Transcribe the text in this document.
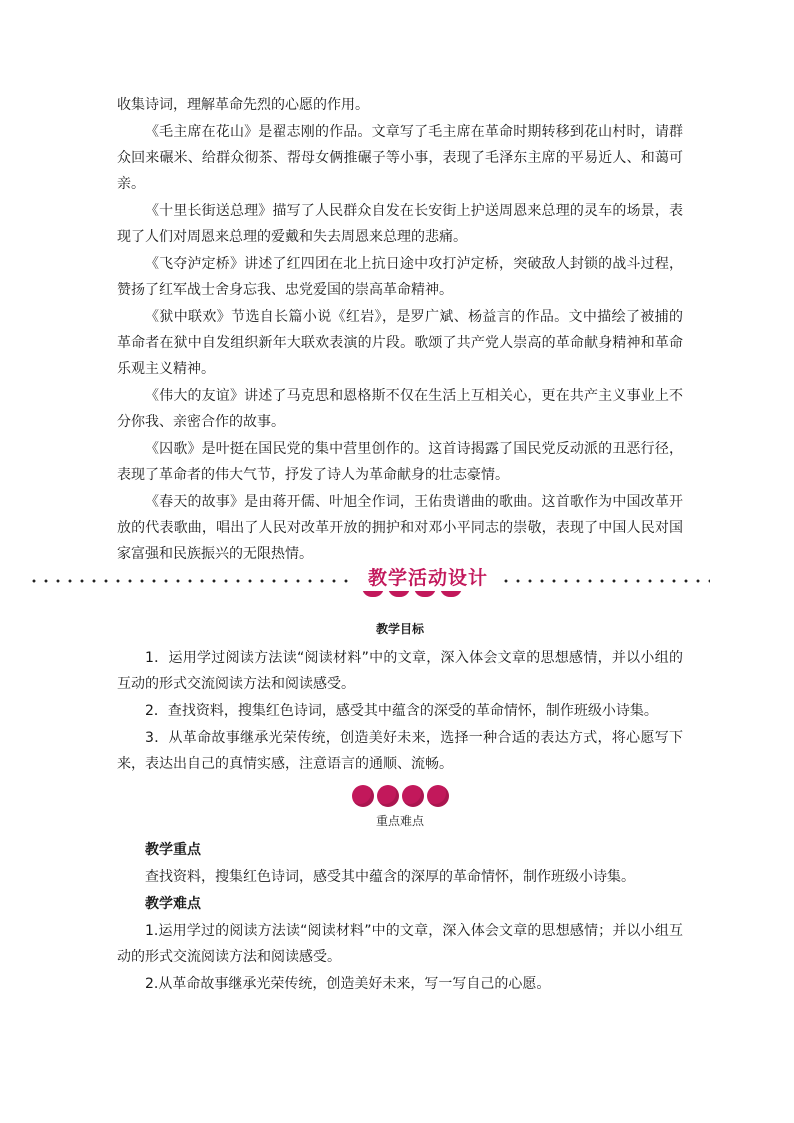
收集诗词，理解革命先烈的心愿的作用。

《毛主席在花山》是翟志刚的作品。文章写了毛主席在革命时期转移到花山村时，请群众回来碾米、给群众彻茶、帮母女俩推碾子等小事，表现了毛泽东主席的平易近人、和蔼可亲。

《十里长街送总理》描写了人民群众自发在长安街上护送周恩来总理的灵车的场景，表现了人们对周恩来总理的爱戴和失去周恩来总理的悲痛。

《飞夺泸定桥》讲述了红四团在北上抗日途中攻打泸定桥，突破敌人封锁的战斗过程，赞扬了红军战士舍身忘我、忠党爱国的崇高革命精神。

《狱中联欢》节选自长篇小说《红岩》，是罗广斌、杨益言的作品。文中描绘了被捕的革命者在狱中自发组织新年大联欢表演的片段。歌颂了共产党人崇高的革命献身精神和革命乐观主义精神。

《伟大的友谊》讲述了马克思和恩格斯不仅在生活上互相关心，更在共产主义事业上不分你我、亲密合作的故事。

《囚歌》是叶挺在国民党的集中营里创作的。这首诗揭露了国民党反动派的丑恶行径，表现了革命者的伟大气节，抒发了诗人为革命献身的壮志豪情。

《春天的故事》是由蒋开儒、叶旭全作词，王佑贵谱曲的歌曲。这首歌作为中国改革开放的代表歌曲，唱出了人民对改革开放的拥护和对邓小平同志的崇敬，表现了中国人民对国家富强和民族振兴的无限热情。

教学活动设计
教学目标

1．运用学过阅读方法读“阅读材料”中的文章，深入体会文章的思想感情，并以小组的互动的形式交流阅读方法和阅读感受。

2．查找资料，搜集红色诗词，感受其中蕴含的深受的革命情怀，制作班级小诗集。

3．从革命故事继承光荣传统，创造美好未来，选择一种合适的表达方式，将心愿写下来，表达出自己的真情实感，注意语言的通顺、流畅。

重点难点

教学重点

查找资料，搜集红色诗词，感受其中蕴含的深厚的革命情怀，制作班级小诗集。

教学难点

1.运用学过的阅读方法读“阅读材料”中的文章，深入体会文章的思想感情；并以小组互动的形式交流阅读方法和阅读感受。

2.从革命故事继承光荣传统，创造美好未来，写一写自己的心愿。
